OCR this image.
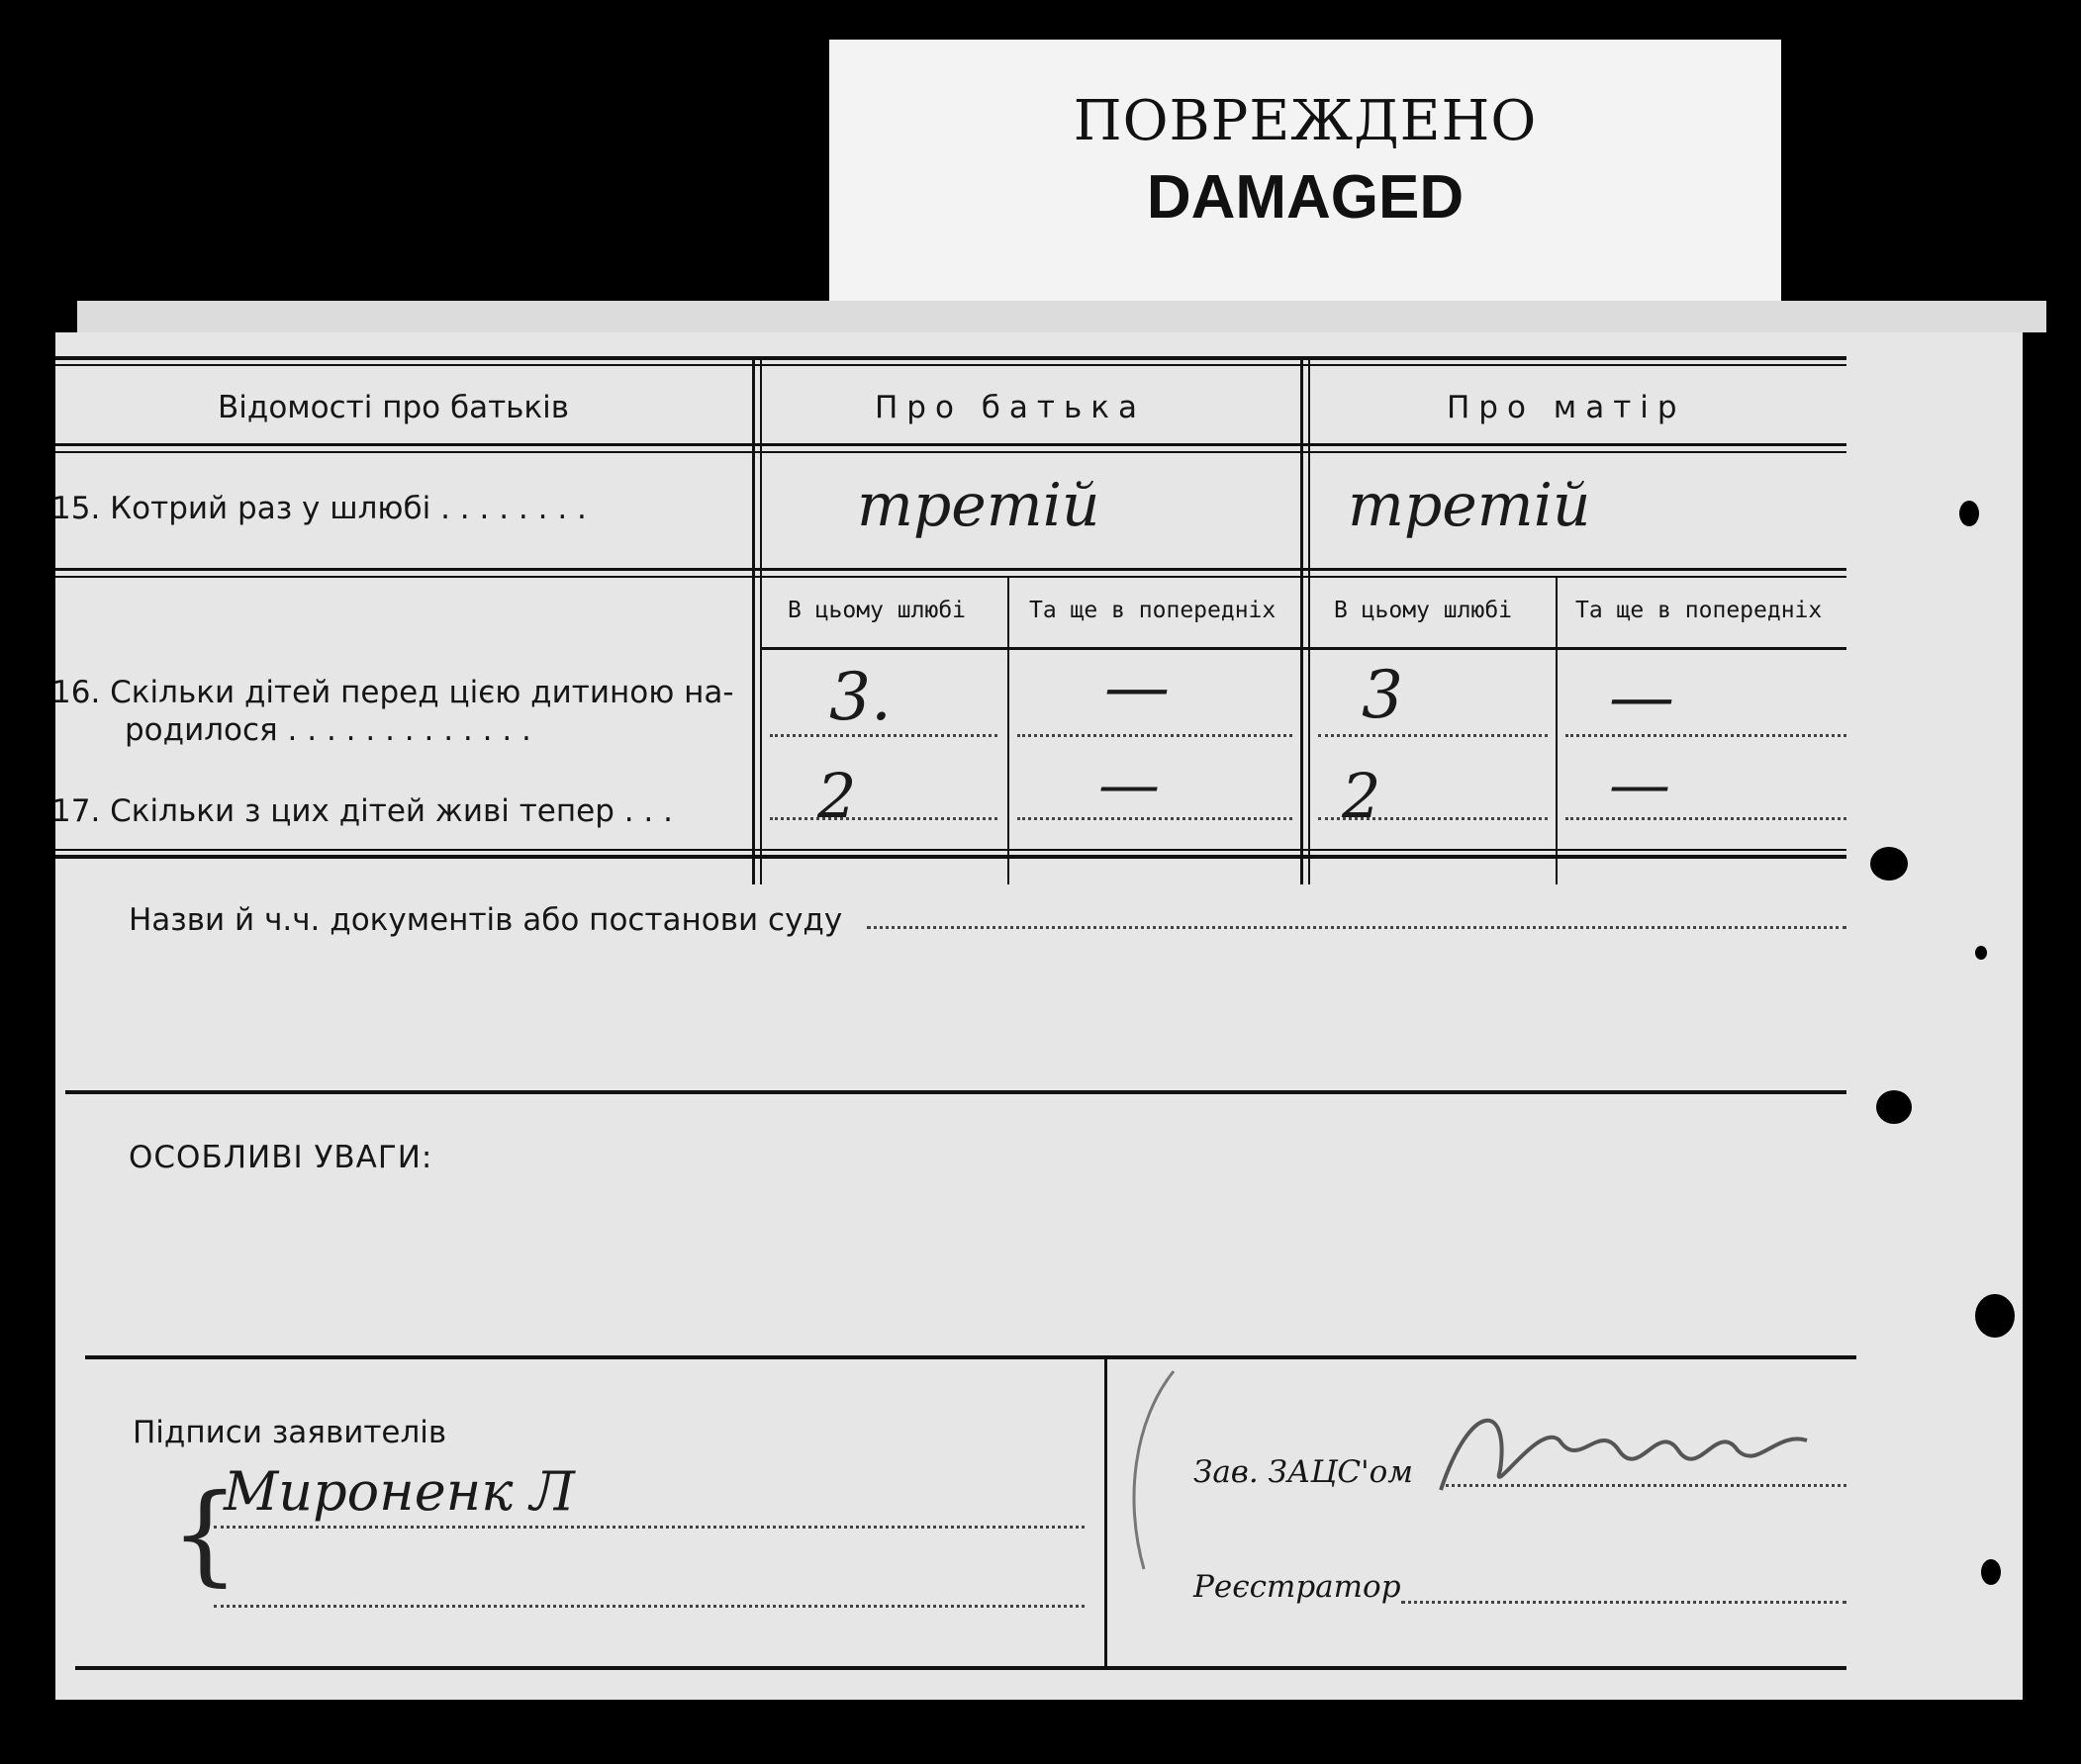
ПОВРЕЖДЕНО
DAMAGED
Відомості про батьків	Про батька	Про матір
15. Котрий раз у шлюбі . . . . . . . .	третій	третій
В цьому шлюбі	Та ще в попередніх	В цьому шлюбі	Та ще в попередніх
16. Скільки дітей перед цією дитиною на-
родилося . . . . . . . . . . . . .	3.	—	3	—
17. Скільки з цих дітей живі тепер . . . 2	—	2	—
Назви й ч.ч. документів або постанови суду
ОСОБЛИВІ УВАГИ:
Підписи заявителів
Мироненк Л
{	Зав. ЗАЦС'ом
Реєстратор
